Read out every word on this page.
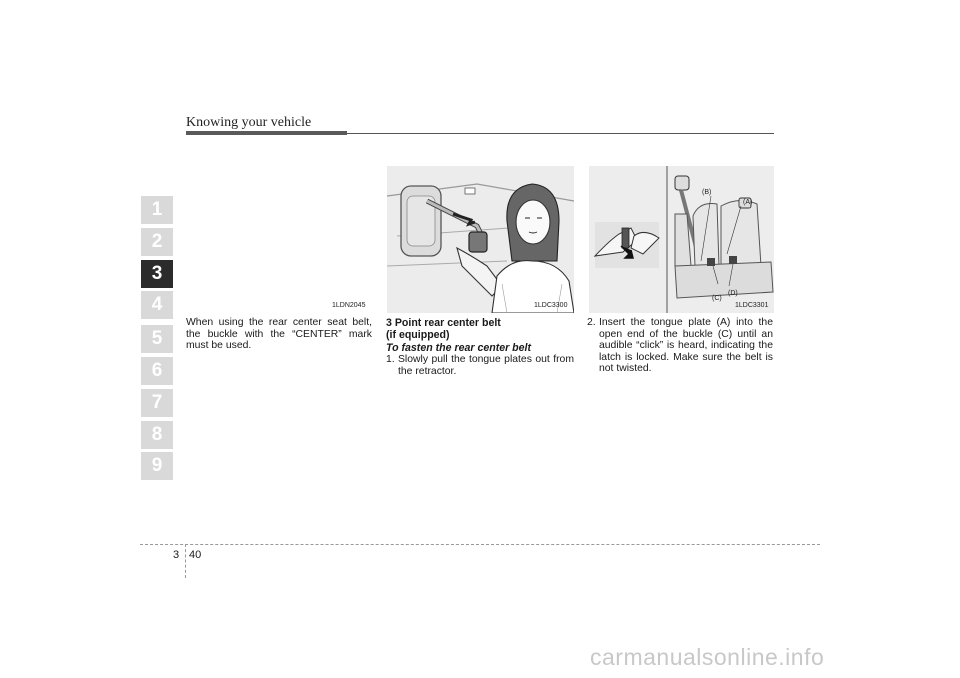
Knowing your vehicle
1
2
3
4
5
6
7
8
9
1LDN2045	1LDC3300
(B)
(A)
(D)
(C)
1LDC3301
When using the rear center seat belt, the buckle with the “CENTER” mark must be used.
3 Point rear center belt
(if equipped)
To fasten the rear center belt
1. Slowly pull the tongue plates out from the retractor.
2. Insert the tongue plate (A) into the open end of the buckle (C) until an audible “click” is heard, indicating the latch is locked. Make sure the belt is not twisted.
3 40
carmanualsonline.info
